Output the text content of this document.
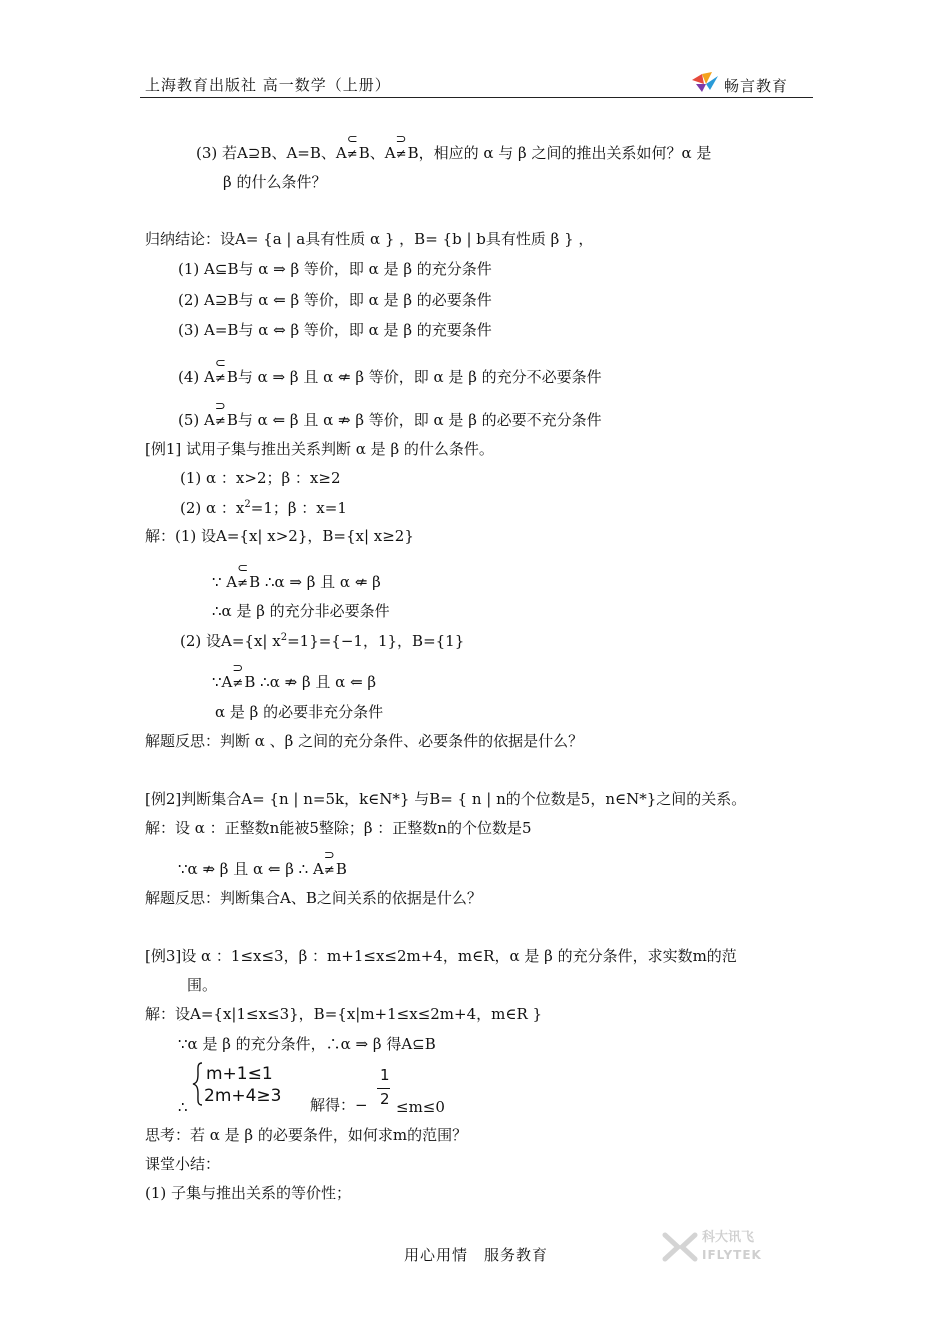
上海教育出版社 高一数学（上册）	畅言教育
(3) 若A⊇B、A=B、A
⊂
≠B、A
⊃
≠B，相应的 α 与 β 之间的推出关系如何？α 是
β 的什么条件？
归纳结论：设A= {a | a具有性质 α } ，B= {b | b具有性质 β } ，
(1) A⊆B与 α ⇒ β 等价，即 α 是 β 的充分条件
(2) A⊇B与 α ⇐ β 等价，即 α 是 β 的必要条件
(3) A=B与 α ⇔ β 等价，即 α 是 β 的充要条件
(4) A
⊂
≠B与 α ⇒ β 且 α ⇍ β 等价，即 α 是 β 的充分不必要条件
(5) A
⊃
≠B与 α ⇐ β 且 α ⇏ β 等价，即 α 是 β 的必要不充分条件
[例1] 试用子集与推出关系判断 α 是 β 的什么条件。
(1) α ：x>2；β ：x≥2
(2) α ：$x^2=1$；β ：x=1
解：(1) 设A={x| x>2}，B={x| x≥2}
∵ A
⊂
≠B ∴α ⇒ β 且 α ⇍ β
∴α 是 β 的充分非必要条件
(2) 设A={x| $x^2=1\}=\{-1$，1}，B={1}
∵A
⊃
≠B ∴α ⇏ β 且 α ⇐ β
α 是 β 的必要非充分条件
解题反思：判断 α 、β 之间的充分条件、必要条件的依据是什么？
[例2]判断集合A= {n | n=5k，k∈N*} 与B= { n | n的个位数是5，n∈N*}之间的关系。
解：设 α ：正整数n能被5整除；β ：正整数n的个位数是5
∵α ⇏ β 且 α ⇐ β ∴ A
⊃
≠B
解题反思：判断集合A、B之间关系的依据是什么？
[例3]设 α ：1≤x≤3，β ：m+1≤x≤2m+4，m∈R，α 是 β 的充分条件，求实数m的范
围。
解：设A={x|1≤x≤3}，B={x|m+1≤x≤2m+4，m∈R }
∵α 是 β 的充分条件，∴α ⇒ β 得A⊆B
m+1≤1
2m+4≥3
∴	解得：−
1
2 ≤m≤0
思考：若 α 是 β 的必要条件，如何求m的范围？
课堂小结：
(1) 子集与推出关系的等价性；
用心用情　服务教育
科大讯飞
IFLYTEK
